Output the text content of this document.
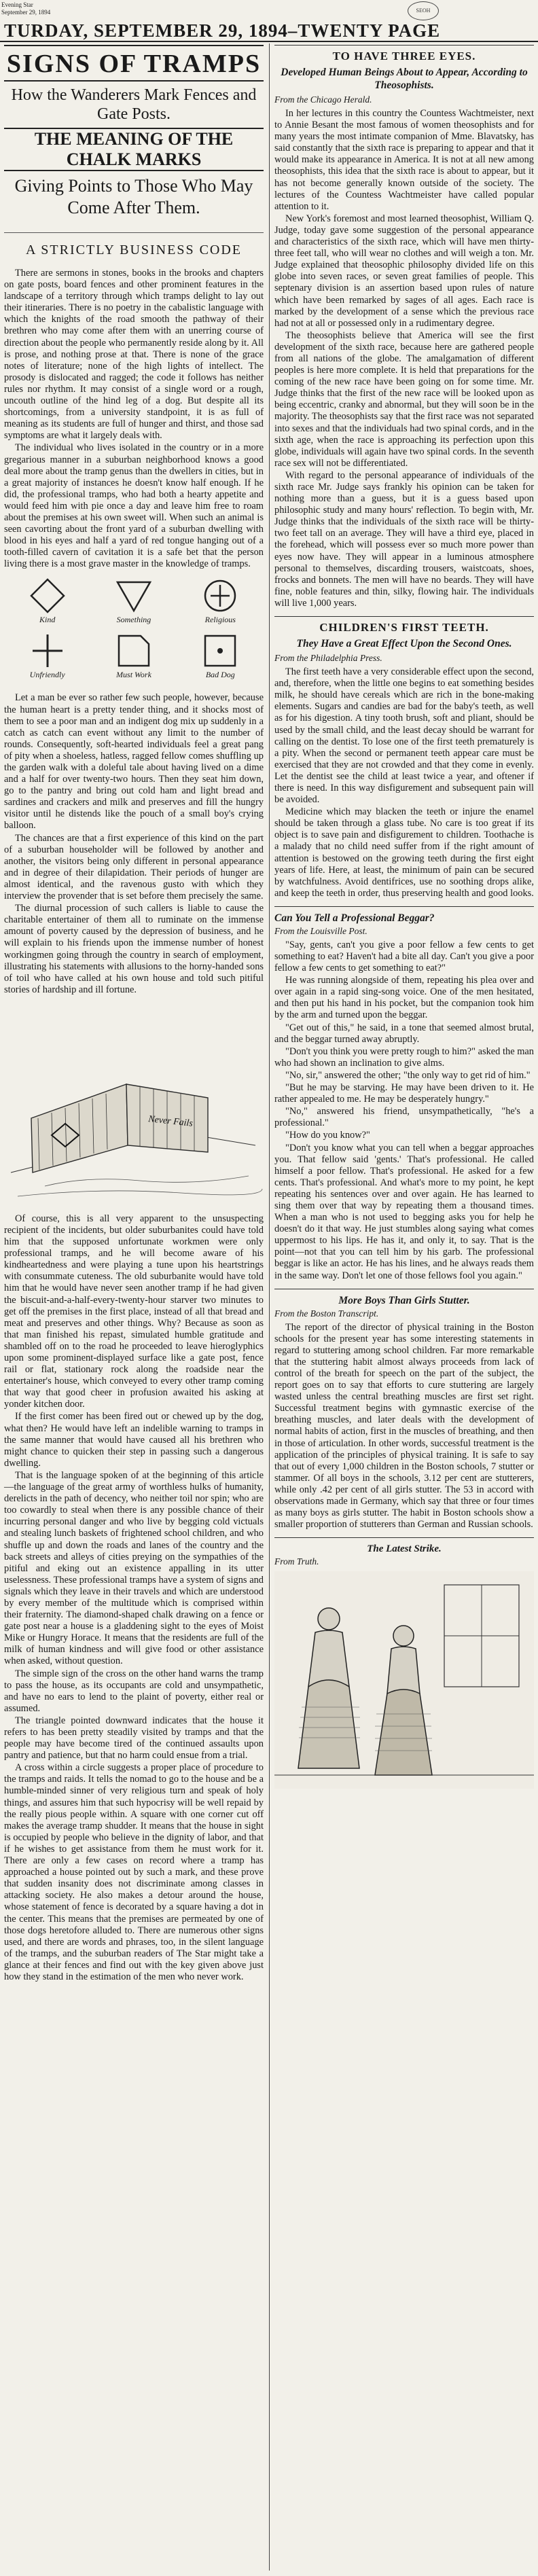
Evening Star
September 29, 1894	SEOH
TURDAY, SEPTEMBER 29, 1894–TWENTY PAGE
SIGNS OF TRAMPS
How the Wanderers Mark Fences and Gate Posts.
THE MEANING OF THE CHALK MARKS
Giving Points to Those Who May Come After Them.
A STRICTLY BUSINESS CODE

There are sermons in stones, books in the brooks and chapters on gate posts, board fences and other prominent features in the landscape of a territory through which tramps delight to lay out their itineraries. There is no poetry in the cabalistic language with which the knights of the road smooth the pathway of their brethren who may come after them with an unerring course of direction about the people who permanently reside along by it. All is prose, and nothing prose at that. There is none of the grace notes of literature; none of the high lights of intellect. The prosody is dislocated and ragged; the code it follows has neither rules nor rhythm. It may consist of a single word or a rough, uncouth outline of the hind leg of a dog. But despite all its shortcomings, from a university standpoint, it is as full of meaning as its students are full of hunger and thirst, and those sad symptoms are what it largely deals with.

The individual who lives isolated in the country or in a more gregarious manner in a suburban neighborhood knows a good deal more about the tramp genus than the dwellers in cities, but in a great majority of instances he doesn't know half enough. If he did, the professional tramps, who had both a hearty appetite and would feed him with pie once a day and leave him free to roam about the premises at his own sweet will. When such an animal is seen cavorting about the front yard of a suburban dwelling with blood in his eyes and half a yard of red tongue hanging out of a tooth-filled cavern of cavitation it is a safe bet that the person living there is a most grave master in the knowledge of tramps.

Kind	Something	Religious
Unfriendly	Must Work	Bad Dog

Let a man be ever so rather few such people, however, because the human heart is a pretty tender thing, and it shocks most of them to see a poor man and an indigent dog mix up suddenly in a catch as catch can event without any limit to the number of rounds. Consequently, soft-hearted individuals feel a great pang of pity when a shoeless, hatless, ragged fellow comes shuffling up the garden walk with a doleful tale about having lived on a dime and a half for over twenty-two hours. Then they seat him down, go to the pantry and bring out cold ham and light bread and sardines and crackers and milk and preserves and fill the hungry visitor until he distends like the pouch of a small boy's crying balloon.

The chances are that a first experience of this kind on the part of a suburban householder will be followed by another and another, the visitors being only different in personal appearance and in degree of their dilapidation. Their periods of hunger are almost identical, and the ravenous gusto with which they interview the provender that is set before them precisely the same.

The diurnal procession of such callers is liable to cause the charitable entertainer of them all to ruminate on the immense amount of poverty caused by the depression of business, and he will explain to his friends upon the immense number of honest workingmen going through the country in search of employment, illustrating his statements with allusions to the horny-handed sons of toil who have called at his own house and told such pitiful stories of hardship and ill fortune.

Never Fails

Of course, this is all very apparent to the unsuspecting recipient of the incidents, but older suburbanites could have told him that the supposed unfortunate workmen were only professional tramps, and he will become aware of his kindheartedness and were playing a tune upon his heartstrings with consummate cuteness. The old suburbanite would have told him that he would have never seen another tramp if he had given the biscuit-and-a-half-every-twenty-hour starver two minutes to get off the premises in the first place, instead of all that bread and meat and preserves and other things. Why? Because as soon as that man finished his repast, simulated humble gratitude and shambled off on to the road he proceeded to leave hieroglyphics upon some prominent-displayed surface like a gate post, fence rail or flat, stationary rock along the roadside near the entertainer's house, which conveyed to every other tramp coming that way that good cheer in profusion awaited his asking at yonder kitchen door.

If the first comer has been fired out or chewed up by the dog, what then? He would have left an indelible warning to tramps in the same manner that would have caused all his brethren who might chance to quicken their step in passing such a dangerous dwelling.

That is the language spoken of at the beginning of this article—the language of the great army of worthless hulks of humanity, derelicts in the path of decency, who neither toil nor spin; who are too cowardly to steal when there is any possible chance of their incurring personal danger and who live by begging cold victuals and stealing lunch baskets of frightened school children, and who shuffle up and down the roads and lanes of the country and the back streets and alleys of cities preying on the sympathies of the pitiful and eking out an existence appalling in its utter uselessness. These professional tramps have a system of signs and signals which they leave in their travels and which are understood by every member of the multitude which is comprised within their fraternity. The diamond-shaped chalk drawing on a fence or gate post near a house is a gladdening sight to the eyes of Moist Mike or Hungry Horace. It means that the residents are full of the milk of human kindness and will give food or other assistance when asked, without question.

The simple sign of the cross on the other hand warns the tramp to pass the house, as its occupants are cold and unsympathetic, and have no ears to lend to the plaint of poverty, either real or assumed.

The triangle pointed downward indicates that the house it refers to has been pretty steadily visited by tramps and that the people may have become tired of the continued assaults upon pantry and patience, but that no harm could ensue from a trial.

A cross within a circle suggests a proper place of procedure to the tramps and raids. It tells the nomad to go to the house and be a humble-minded sinner of very religious turn and speak of holy things, and assures him that such hypocrisy will be well repaid by the really pious people within. A square with one corner cut off makes the average tramp shudder. It means that the house in sight is occupied by people who believe in the dignity of labor, and that if he wishes to get assistance from them he must work for it. There are only a few cases on record where a tramp has approached a house pointed out by such a mark, and these prove that sudden insanity does not discriminate among classes in attacking society. He also makes a detour around the house, whose statement of fence is decorated by a square having a dot in the center. This means that the premises are permeated by one of those dogs heretofore alluded to. There are numerous other signs used, and there are words and phrases, too, in the silent language of the tramps, and the suburban readers of The Star might take a glance at their fences and find out with the key given above just how they stand in the estimation of the men who never work.

TO HAVE THREE EYES.
Developed Human Beings About to Appear, According to Theosophists.
From the Chicago Herald.

In her lectures in this country the Countess Wachtmeister, next to Annie Besant the most famous of women theosophists and for many years the most intimate companion of Mme. Blavatsky, has said constantly that the sixth race is preparing to appear and that it would make its appearance in America. It is not at all new among theosophists, this idea that the sixth race is about to appear, but it has not become generally known outside of the society. The lectures of the Countess Wachtmeister have called popular attention to it.

New York's foremost and most learned theosophist, William Q. Judge, today gave some suggestion of the personal appearance and characteristics of the sixth race, which will have men thirty-three feet tall, who will wear no clothes and will weigh a ton. Mr. Judge explained that theosophic philosophy divided life on this globe into seven races, or seven great families of people. This septenary division is an assertion based upon rules of nature which have been remarked by sages of all ages. Each race is marked by the development of a sense which the previous race had not at all or possessed only in a rudimentary degree.

The theosophists believe that America will see the first development of the sixth race, because here are gathered people from all nations of the globe. The amalgamation of different peoples is here more complete. It is held that preparations for the coming of the new race have been going on for some time. Mr. Judge thinks that the first of the new race will be looked upon as being eccentric, cranky and abnormal, but they will soon be in the majority. The theosophists say that the first race was not separated into sexes and that the individuals had two spinal cords, and in the sixth age, when the race is approaching its perfection upon this globe, individuals will again have two spinal cords. In the seventh race sex will not be differentiated.

With regard to the personal appearance of individuals of the sixth race Mr. Judge says frankly his opinion can be taken for nothing more than a guess, but it is a guess based upon philosophic study and many hours' reflection. To begin with, Mr. Judge thinks that the individuals of the sixth race will be thirty-two feet tall on an average. They will have a third eye, placed in the forehead, which will possess ever so much more power than eyes now have. They will appear in a luminous atmosphere personal to themselves, discarding trousers, waistcoats, shoes, frocks and bonnets. The men will have no beards. They will have fine, noble features and thin, silky, flowing hair. The individuals will live 1,000 years.

CHILDREN'S FIRST TEETH.
They Have a Great Effect Upon the Second Ones.
From the Philadelphia Press.

The first teeth have a very considerable effect upon the second, and, therefore, when the little one begins to eat something besides milk, he should have cereals which are rich in the bone-making elements. Sugars and candies are bad for the baby's teeth, as well as for his digestion. A tiny tooth brush, soft and pliant, should be used by the small child, and the least decay should be warrant for calling on the dentist. To lose one of the first teeth prematurely is a pity. When the second or permanent teeth appear care must be exercised that they are not crowded and that they come in evenly. Let the dentist see the child at least twice a year, and oftener if there is need. In this way disfigurement and subsequent pain will be avoided.

Medicine which may blacken the teeth or injure the enamel should be taken through a glass tube. No care is too great if its object is to save pain and disfigurement to children. Toothache is a malady that no child need suffer from if the right amount of attention is bestowed on the growing teeth during the first eight years of life. Here, at least, the minimum of pain can be secured by watchfulness. Avoid dentifrices, use no soothing drops alike, and keep the teeth in order, thus preserving health and good looks.

Can You Tell a Professional Beggar?
From the Louisville Post.

"Say, gents, can't you give a poor fellow a few cents to get something to eat? Haven't had a bite all day. Can't you give a poor fellow a few cents to get something to eat?"

He was running alongside of them, repeating his plea over and over again in a rapid sing-song voice. One of the men hesitated, and then put his hand in his pocket, but the companion took him by the arm and turned upon the beggar.

"Get out of this," he said, in a tone that seemed almost brutal, and the beggar turned away abruptly.

"Don't you think you were pretty rough to him?" asked the man who had shown an inclination to give alms.

"No, sir," answered the other; "the only way to get rid of him."

"But he may be starving. He may have been driven to it. He rather appealed to me. He may be desperately hungry."

"No," answered his friend, unsympathetically, "he's a professional."

"How do you know?"

"Don't you know what you can tell when a beggar approaches you. That fellow said 'gents.' That's professional. He called himself a poor fellow. That's professional. He asked for a few cents. That's professional. And what's more to my point, he kept repeating his sentences over and over again. He has learned to sing them over that way by repeating them a thousand times. When a man who is not used to begging asks you for help he doesn't do it that way. He just stumbles along saying what comes uppermost to his lips. He has it, and only it, to say. That is the point—not that you can tell him by his garb. The professional beggar is like an actor. He has his lines, and he always reads them in the same way. Don't let one of those fellows fool you again."

More Boys Than Girls Stutter.
From the Boston Transcript.

The report of the director of physical training in the Boston schools for the present year has some interesting statements in regard to stuttering among school children. Far more remarkable that the stuttering habit almost always proceeds from lack of control of the breath for speech on the part of the subject, the report goes on to say that efforts to cure stuttering are largely wasted unless the central breathing muscles are first set right. Successful treatment begins with gymnastic exercise of the breathing muscles, and later deals with the development of normal habits of action, first in the muscles of breathing, and then in those of articulation. In other words, successful treatment is the application of the principles of physical training. It is safe to say that out of every 1,000 children in the Boston schools, 7 stutter or stammer. Of all boys in the schools, 3.12 per cent are stutterers, while only .42 per cent of all girls stutter. The 53 in accord with observations made in Germany, which say that three or four times as many boys as girls stutter. The habit in Boston schools show a smaller proportion of stutterers than German and Russian schools.

The Latest Strike.
From Truth.
